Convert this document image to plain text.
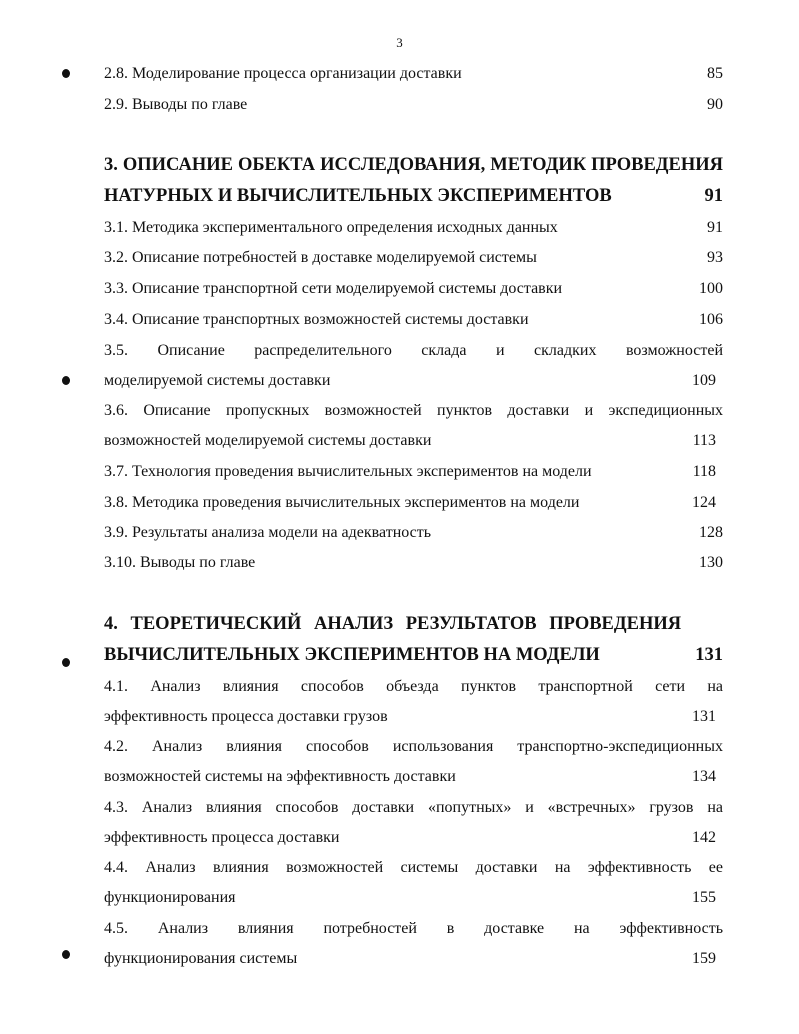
3
2.8. Моделирование процесса организации доставки	85
2.9. Выводы по главе	90
3. ОПИСАНИЕ ОБЕКТА ИССЛЕДОВАНИЯ, МЕТОДИК ПРОВЕДЕНИЯ
НАТУРНЫХ И ВЫЧИСЛИТЕЛЬНЫХ ЭКСПЕРИМЕНТОВ	91
3.1. Методика экспериментального определения исходных данных	91
3.2. Описание потребностей в доставке моделируемой системы	93
3.3. Описание транспортной сети моделируемой системы доставки	100
3.4. Описание транспортных возможностей системы доставки	106
3.5. Описание распределительного склада и складких возможностей
моделируемой системы доставки	109
3.6. Описание пропускных возможностей пунктов доставки и экспедиционных
возможностей моделируемой системы доставки	113
3.7. Технология проведения вычислительных экспериментов на модели	118
3.8. Методика проведения вычислительных экспериментов на модели	124
3.9. Результаты анализа модели на адекватность	128
3.10. Выводы по главе	130
4. ТЕОРЕТИЧЕСКИЙ АНАЛИЗ РЕЗУЛЬТАТОВ ПРОВЕДЕНИЯ
ВЫЧИСЛИТЕЛЬНЫХ ЭКСПЕРИМЕНТОВ НА МОДЕЛИ	131
4.1. Анализ влияния способов объезда пунктов транспортной сети на
эффективность процесса доставки грузов	131
4.2. Анализ влияния способов использования транспортно-экспедиционных
возможностей системы на эффективность доставки	134
4.3. Анализ влияния способов доставки «попутных» и «встречных» грузов на
эффективность процесса доставки	142
4.4. Анализ влияния возможностей системы доставки на эффективность ее
функционирования	155
4.5. Анализ влияния потребностей в доставке на эффективность
функционирования системы	159
